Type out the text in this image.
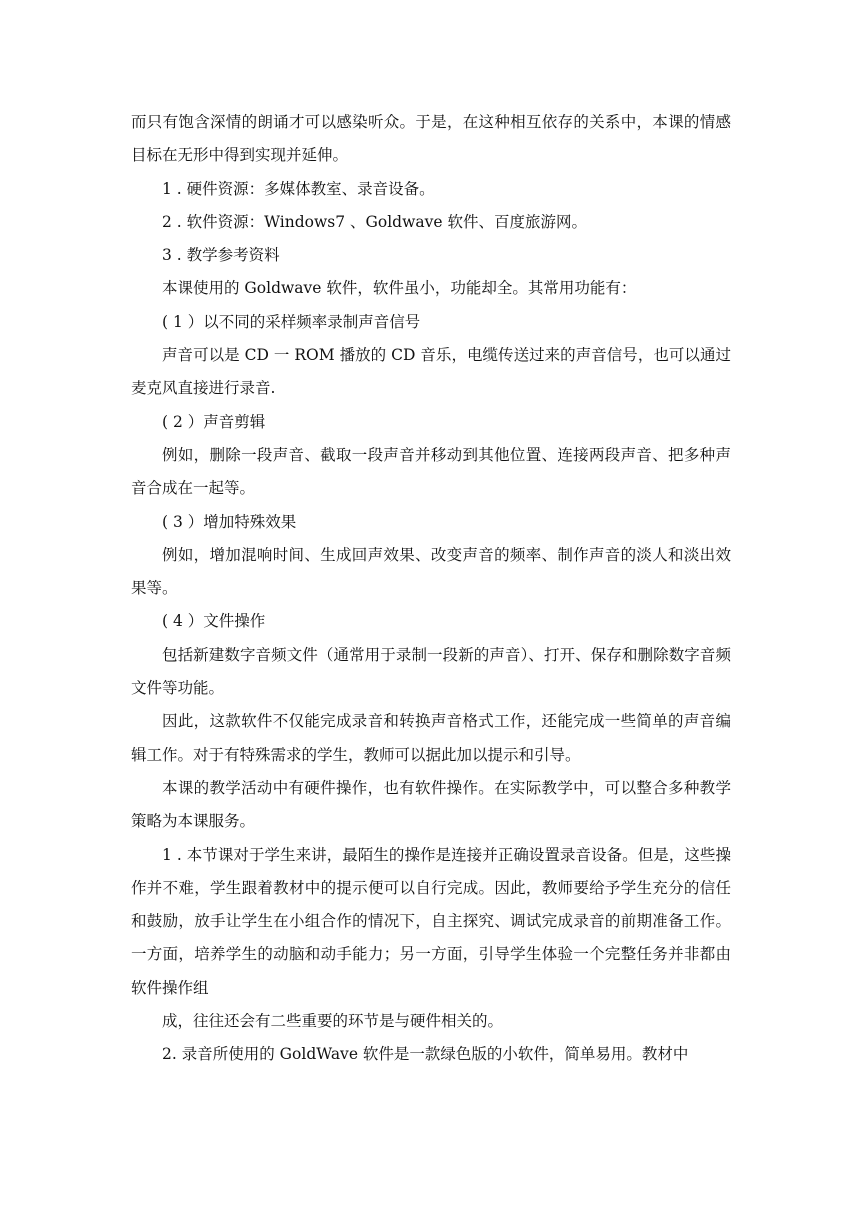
而只有饱含深情的朗诵才可以感染听众。于是，在这种相互依存的关系中，本课的情感目标在无形中得到实现并延伸。

1 . 硬件资源：多媒体教室、录音设备。

2 . 软件资源：Windows7 、Goldwave 软件、百度旅游网。

3 . 教学参考资料

本课使用的 Goldwave 软件，软件虽小，功能却全。其常用功能有：

( 1 ）以不同的采样频率录制声音信号

声音可以是 CD 一 ROM 播放的 CD 音乐，电缆传送过来的声音信号，也可以通过麦克风直接进行录音.

( 2 ）声音剪辑

例如，删除一段声音、截取一段声音并移动到其他位置、连接两段声音、把多种声音合成在一起等。

( 3 ）增加特殊效果

例如，增加混响时间、生成回声效果、改变声音的频率、制作声音的淡人和淡出效果等。

( 4 ）文件操作

包括新建数字音频文件（通常用于录制一段新的声音）、打开、保存和删除数字音频文件等功能。

因此，这款软件不仅能完成录音和转换声音格式工作，还能完成一些简单的声音编辑工作。对于有特殊需求的学生，教师可以据此加以提示和引导。

本课的教学活动中有硬件操作，也有软件操作。在实际教学中，可以整合多种教学策略为本课服务。

1 . 本节课对于学生来讲，最陌生的操作是连接并正确设置录音设备。但是，这些操作并不难，学生跟着教材中的提示便可以自行完成。因此，教师要给予学生充分的信任和鼓励，放手让学生在小组合作的情况下，自主探究、调试完成录音的前期准备工作。一方面，培养学生的动脑和动手能力；另一方面，引导学生体验一个完整任务并非都由软件操作组

成，往往还会有二些重要的环节是与硬件相关的。

2. 录音所使用的 GoldWave 软件是一款绿色版的小软件，简单易用。教材中
